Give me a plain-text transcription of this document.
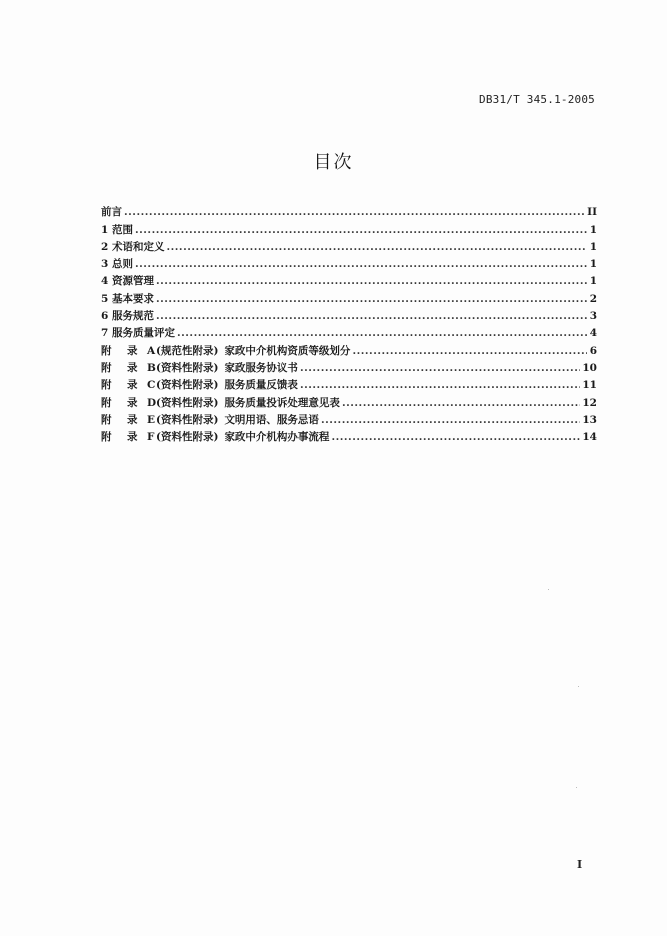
DB31/T 345.1-2005
目次
前言 .....	II
1 范围 .....	1
2 术语和定义 .....	1
3 总则 .....	1
4 资源管理 .....	1
5 基本要求 .....	2
6 服务规范 .....	3
7 服务质量评定 .....	4
附 录 A(规范性附录) 家政中介机构资质等级划分 .....	6
附 录 B(资料性附录) 家政服务协议书 .....	10
附 录 C(资料性附录) 服务质量反馈表 .....	11
附 录 D(资料性附录) 服务质量投诉处理意见表 .....	12
附 录 E(资料性附录) 文明用语、服务忌语 .....	13
附 录 F (资料性附录) 家政中介机构办事流程 .....	14
I
